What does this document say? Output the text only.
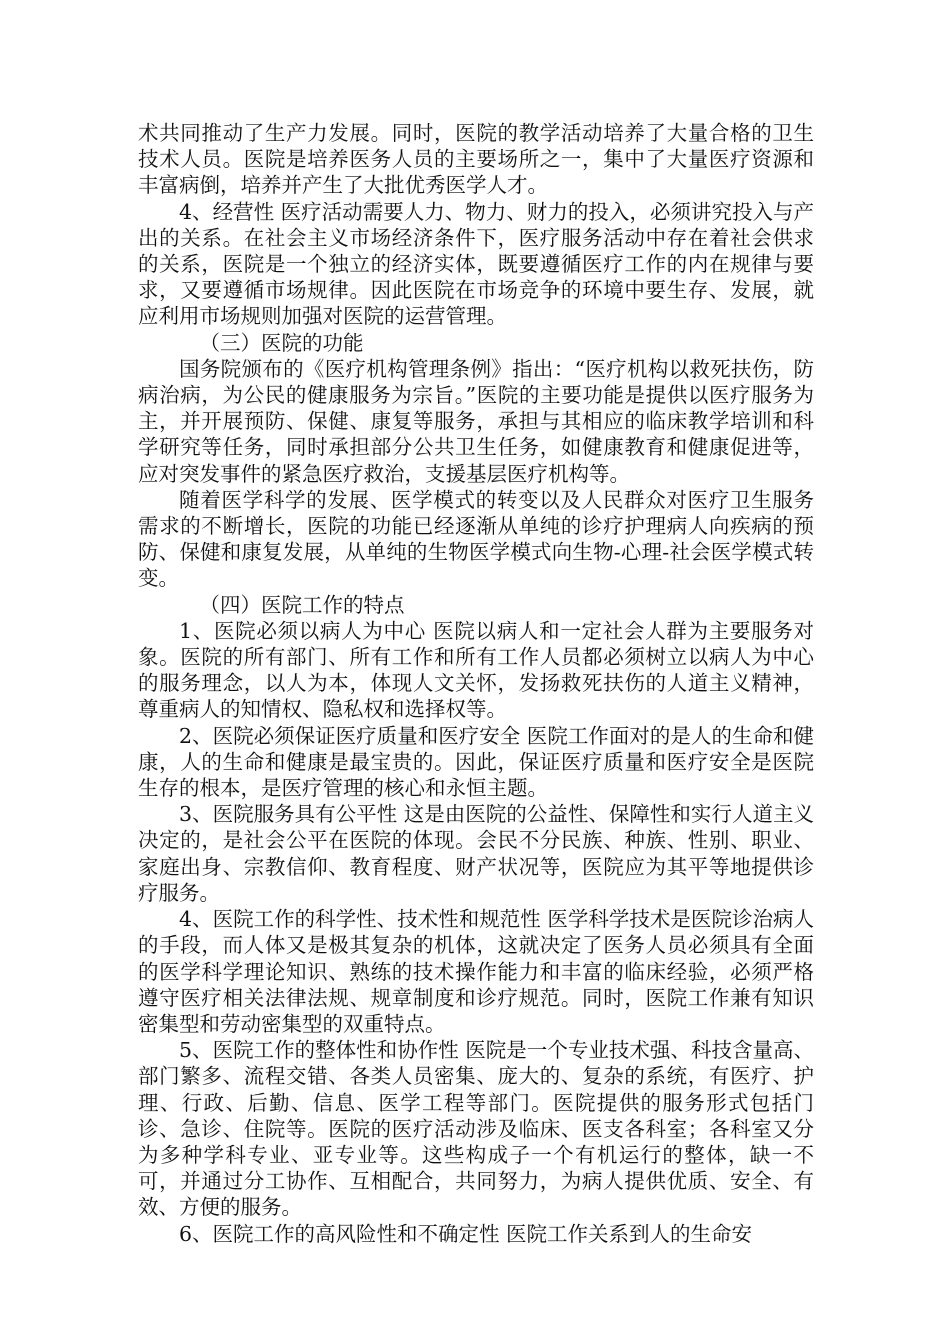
术共同推动了生产力发展。同时，医院的教学活动培养了大量合格的卫生技术人员。医院是培养医务人员的主要场所之一，集中了大量医疗资源和丰富病倒，培养并产生了大批优秀医学人才。

4、经营性 医疗活动需要人力、物力、财力的投入，必须讲究投入与产出的关系。在社会主义市场经济条件下，医疗服务活动中存在着社会供求的关系，医院是一个独立的经济实体，既要遵循医疗工作的内在规律与要求，又要遵循市场规律。因此医院在市场竞争的环境中要生存、发展，就应利用市场规则加强对医院的运营管理。

（三）医院的功能

国务院颁布的《医疗机构管理条例》指出：“医疗机构以救死扶伤，防病治病，为公民的健康服务为宗旨。”医院的主要功能是提供以医疗服务为主，并开展预防、保健、康复等服务，承担与其相应的临床教学培训和科学研究等任务，同时承担部分公共卫生任务，如健康教育和健康促进等，应对突发事件的紧急医疗救治，支援基层医疗机构等。

随着医学科学的发展、医学模式的转变以及人民群众对医疗卫生服务需求的不断增长，医院的功能已经逐渐从单纯的诊疗护理病人向疾病的预防、保健和康复发展，从单纯的生物医学模式向生物-心理-社会医学模式转变。

（四）医院工作的特点

1、医院必须以病人为中心 医院以病人和一定社会人群为主要服务对象。医院的所有部门、所有工作和所有工作人员都必须树立以病人为中心的服务理念，以人为本，体现人文关怀，发扬救死扶伤的人道主义精神，尊重病人的知情权、隐私权和选择权等。

2、医院必须保证医疗质量和医疗安全 医院工作面对的是人的生命和健康，人的生命和健康是最宝贵的。因此，保证医疗质量和医疗安全是医院生存的根本，是医疗管理的核心和永恒主题。

3、医院服务具有公平性 这是由医院的公益性、保障性和实行人道主义决定的，是社会公平在医院的体现。会民不分民族、种族、性别、职业、家庭出身、宗教信仰、教育程度、财产状况等，医院应为其平等地提供诊疗服务。

4、医院工作的科学性、技术性和规范性 医学科学技术是医院诊治病人的手段，而人体又是极其复杂的机体，这就决定了医务人员必须具有全面的医学科学理论知识、熟练的技术操作能力和丰富的临床经验，必须严格遵守医疗相关法律法规、规章制度和诊疗规范。同时，医院工作兼有知识密集型和劳动密集型的双重特点。

5、医院工作的整体性和协作性 医院是一个专业技术强、科技含量高、部门繁多、流程交错、各类人员密集、庞大的、复杂的系统，有医疗、护理、行政、后勤、信息、医学工程等部门。医院提供的服务形式包括门诊、急诊、住院等。医院的医疗活动涉及临床、医支各科室；各科室又分为多种学科专业、亚专业等。这些构成子一个有机运行的整体，缺一不可，并通过分工协作、互相配合，共同努力，为病人提供优质、安全、有效、方便的服务。

6、医院工作的高风险性和不确定性 医院工作关系到人的生命安
